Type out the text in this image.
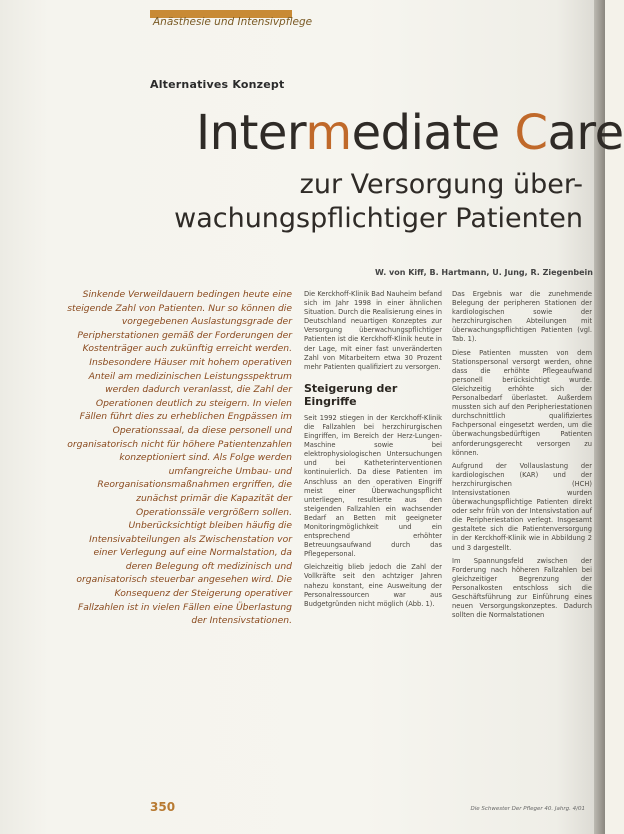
Anästhesie und Intensivpflege
Alternatives Konzept
Intermediate Care
zur Versorgung über-
wachungspflichtiger Patienten
W. von Kiff, B. Hartmann, U. Jung, R. Ziegenbein
Sinkende Verweildauern bedingen heute eine steigende Zahl von Patienten. Nur so können die vorgegebenen Auslastungsgrade der Peripherstationen gemäß der Forderungen der Kostenträger auch zukünftig erreicht werden. Insbesondere Häuser mit hohem operativen Anteil am medizinischen Leistungsspektrum werden dadurch veranlasst, die Zahl der Operationen deutlich zu steigern. In vielen Fällen führt dies zu erheblichen Engpässen im Operationssaal, da diese personell und organisatorisch nicht für höhere Patientenzahlen konzeptioniert sind. Als Folge werden umfangreiche Umbau- und Reorganisationsmaßnahmen ergriffen, die zunächst primär die Kapazität der Operationssäle vergrößern sollen. Unberücksichtigt bleiben häufig die Intensivabteilungen als Zwischenstation vor einer Verlegung auf eine Normalstation, da deren Belegung oft medizinisch und organisatorisch steuerbar angesehen wird. Die Konsequenz der Steigerung operativer Fallzahlen ist in vielen Fällen eine Überlastung der Intensivstationen.

Die Kerckhoff-Klinik Bad Nauheim befand sich im Jahr 1998 in einer ähnlichen Situation. Durch die Realisierung eines in Deutschland neuartigen Konzeptes zur Versorgung überwachungspflichtiger Patienten ist die Kerckhoff-Klinik heute in der Lage, mit einer fast unveränderten Zahl von Mitarbeitern etwa 30 Prozent mehr Patienten qualifiziert zu versorgen.

Steigerung der Eingriffe

Seit 1992 stiegen in der Kerckhoff-Klinik die Fallzahlen bei herzchirurgischen Eingriffen, im Bereich der Herz-Lungen-Maschine sowie bei elektrophysiologischen Untersuchungen und bei Katheterinterventionen kontinuierlich. Da diese Patienten im Anschluss an den operativen Eingriff meist einer Überwachungspflicht unterliegen, resultierte aus den steigenden Fallzahlen ein wachsender Bedarf an Betten mit geeigneter Monitoringmöglichkeit und ein entsprechend erhöhter Betreuungsaufwand durch das Pflegepersonal.

Gleichzeitig blieb jedoch die Zahl der Vollkräfte seit den achtziger Jahren nahezu konstant, eine Ausweitung der Personalressourcen war aus Budgetgründen nicht möglich (Abb. 1).

Das Ergebnis war die zunehmende Belegung der peripheren Stationen der kardiologischen sowie der herzchirurgischen Abteilungen mit überwachungspflichtigen Patienten (vgl. Tab. 1).

Diese Patienten mussten von dem Stationspersonal versorgt werden, ohne dass die erhöhte Pflegeaufwand personell berücksichtigt wurde. Gleichzeitig erhöhte sich der Personalbedarf überlastet. Außerdem mussten sich auf den Peripheriestationen durchschnittlich qualifiziertes Fachpersonal eingesetzt werden, um die überwachungsbedürftigen Patienten anforderungsgerecht versorgen zu können.

Aufgrund der Vollauslastung der kardiologischen (KAR) und der herzchirurgischen (HCH) Intensivstationen wurden überwachungspflichtige Patienten direkt oder sehr früh von der Intensivstation auf die Peripheriestation verlegt. Insgesamt gestaltete sich die Patientenversorgung in der Kerckhoff-Klinik wie in Abbildung 2 und 3 dargestellt.

Im Spannungsfeld zwischen der Forderung nach höheren Fallzahlen bei gleichzeitiger Begrenzung der Personalkosten entschloss sich die Geschäftsführung zur Einführung eines neuen Versorgungskonzeptes. Dadurch sollten die Normalstationen

350	Die Schwester Der Pfleger 40. Jahrg. 4/01
